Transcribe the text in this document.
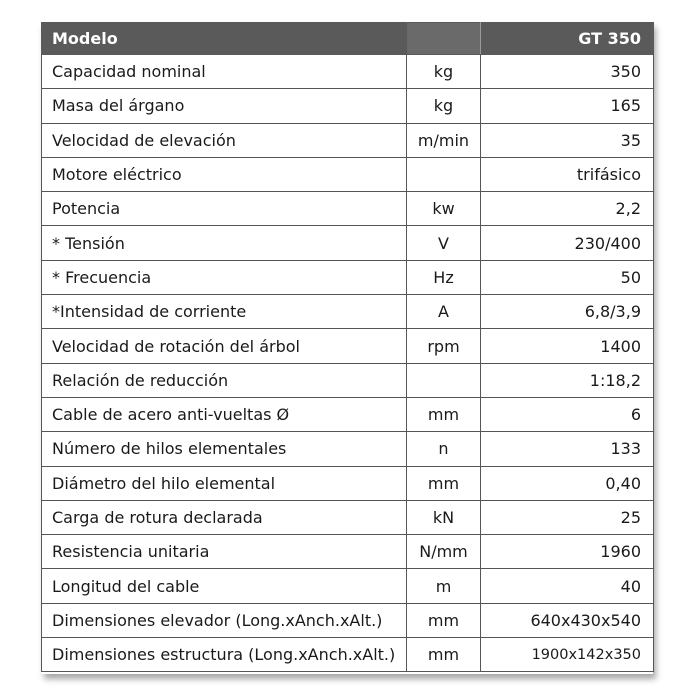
Modelo		GT 350
Capacidad nominal	kg	350
Masa del árgano	kg	165
Velocidad de elevación	m/min	35
Motore eléctrico		trifásico
Potencia	kw	2,2
* Tensión	V	230/400
* Frecuencia	Hz	50
*Intensidad de corriente	A	6,8/3,9
Velocidad de rotación del árbol	rpm	1400
Relación de reducción		1:18,2
Cable de acero anti-vueltas Ø	mm	6
Número de hilos elementales	n	133
Diámetro del hilo elemental	mm	0,40
Carga de rotura declarada	kN	25
Resistencia unitaria	N/mm	1960
Longitud del cable	m	40
Dimensiones elevador (Long.xAnch.xAlt.)	mm	640x430x540
Dimensiones estructura (Long.xAnch.xAlt.)	mm	1900x142x350
